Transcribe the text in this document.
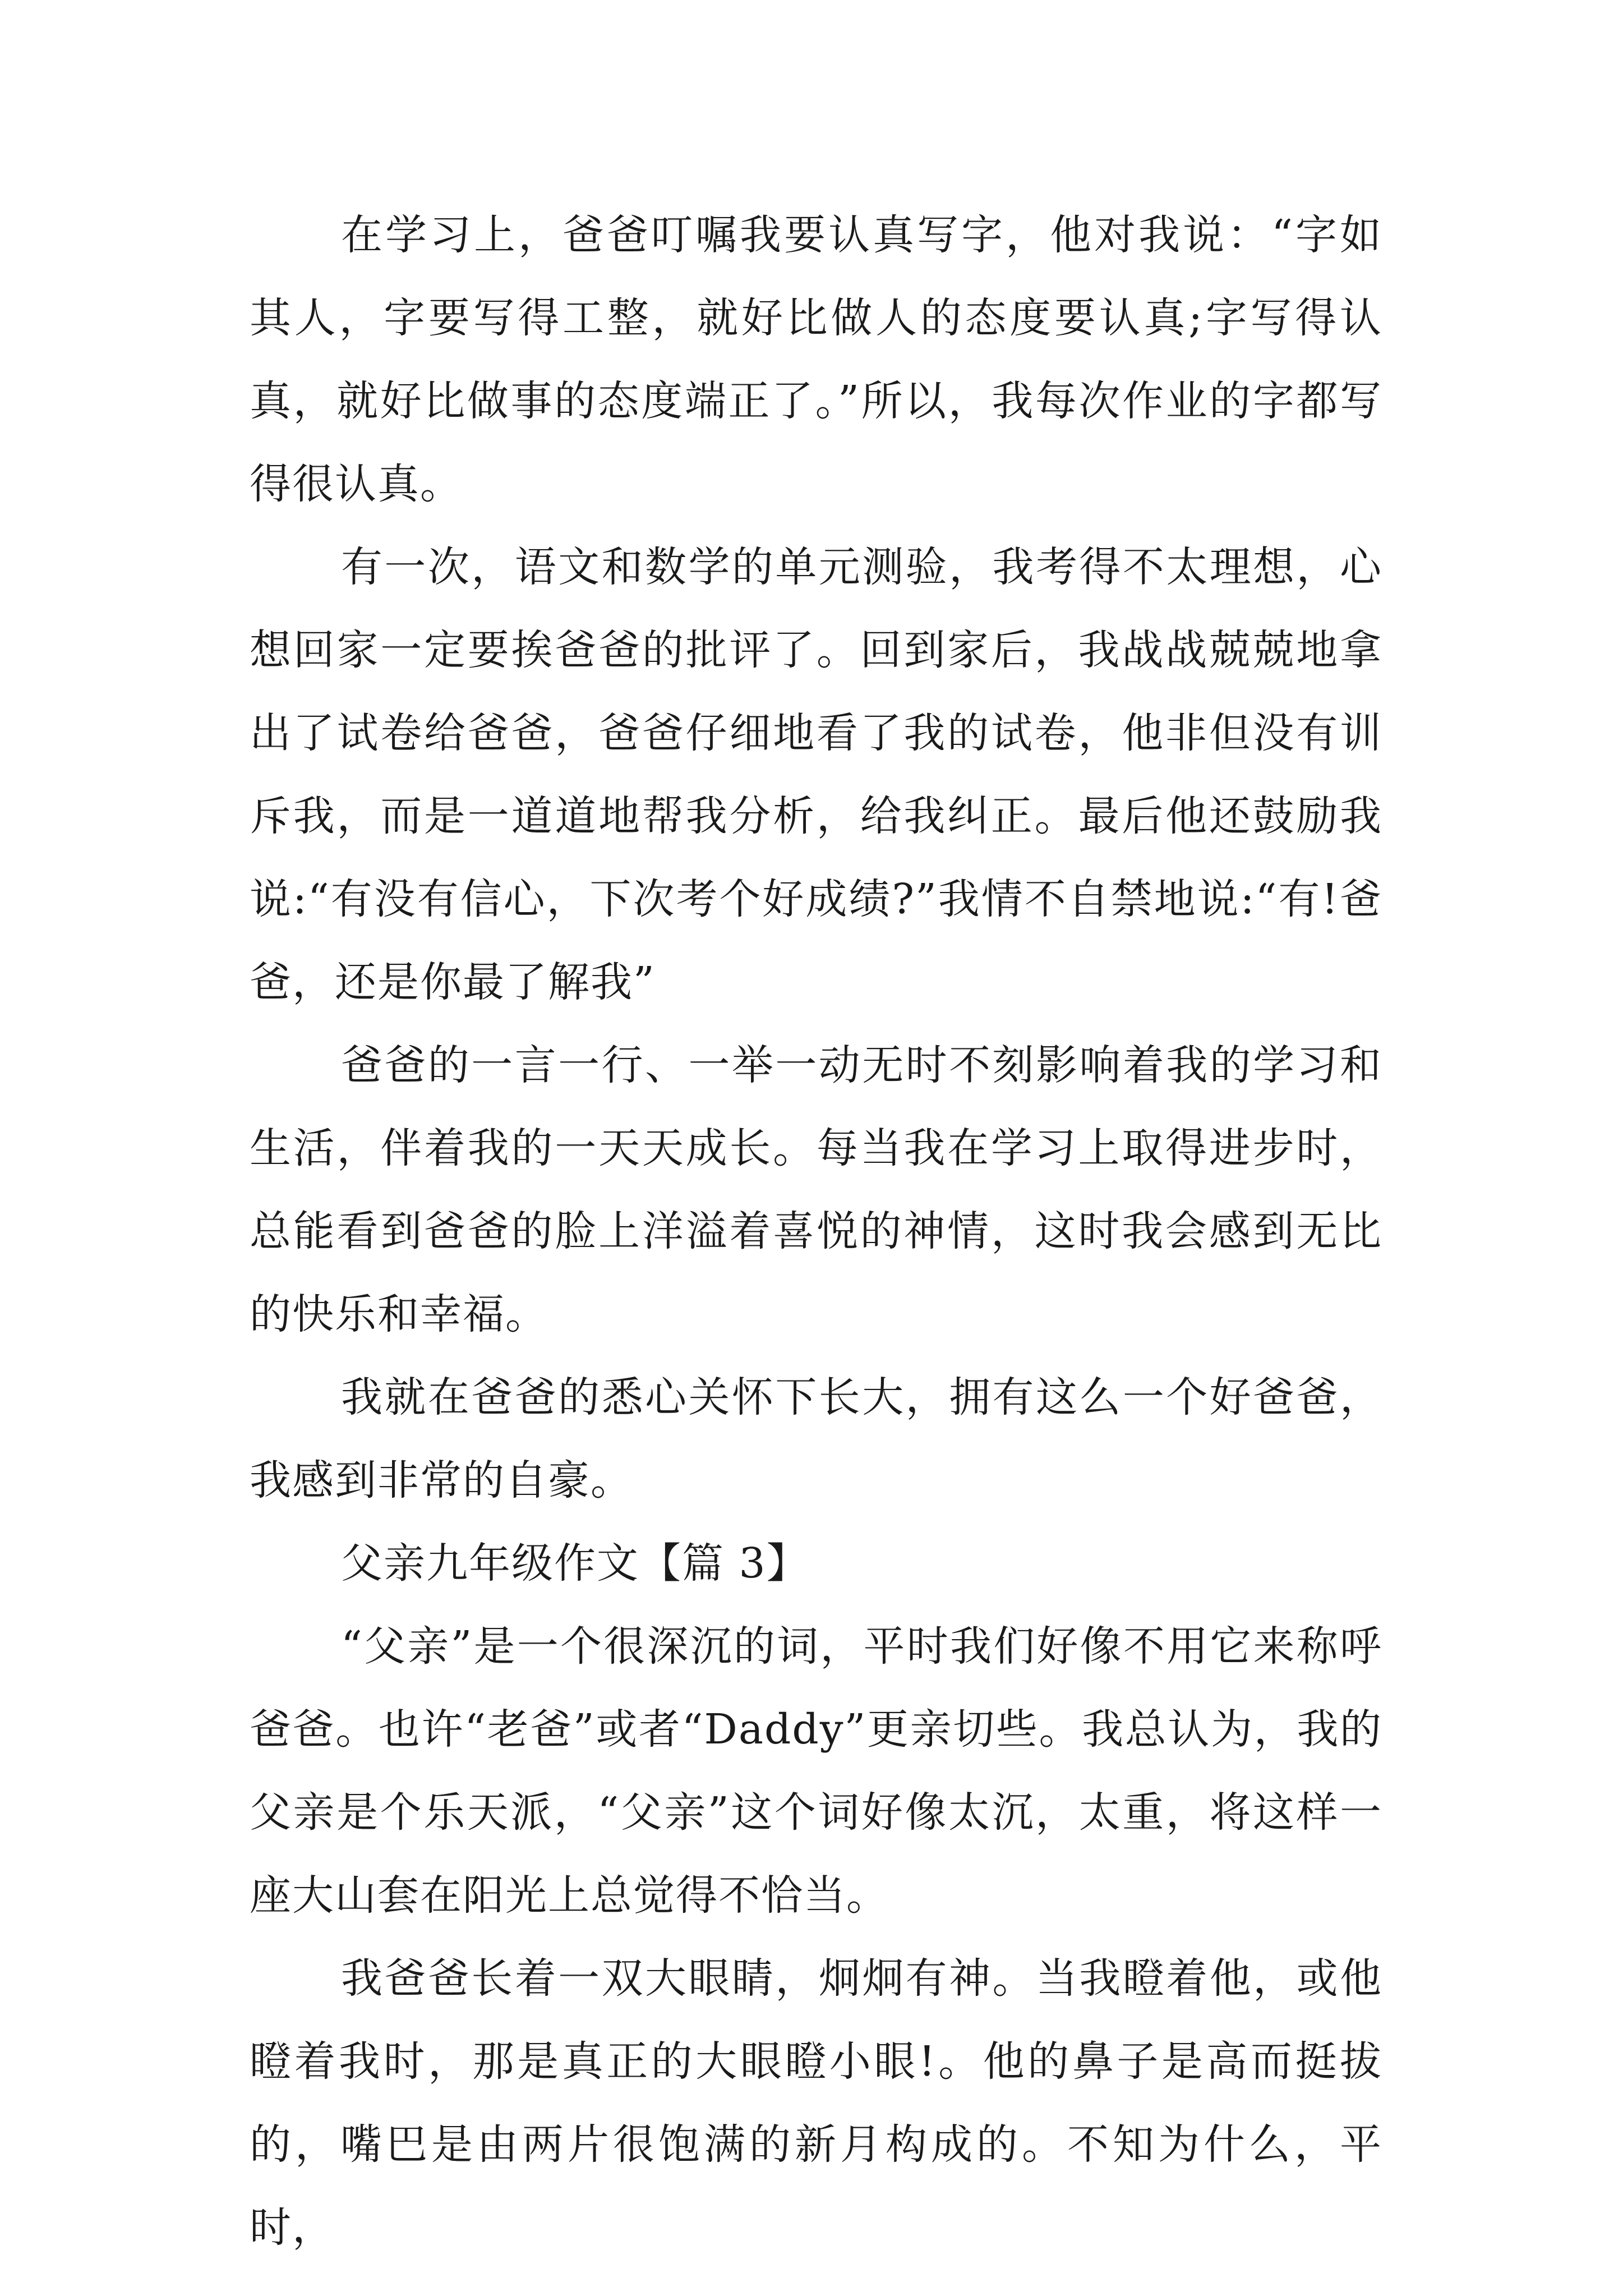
在学习上，爸爸叮嘱我要认真写字，他对我说：“字如其人，字要写得工整，就好比做人的态度要认真;字写得认真，就好比做事的态度端正了。”所以，我每次作业的字都写得很认真。

有一次，语文和数学的单元测验，我考得不太理想，心想回家一定要挨爸爸的批评了。回到家后，我战战兢兢地拿出了试卷给爸爸，爸爸仔细地看了我的试卷，他非但没有训斥我，而是一道道地帮我分析，给我纠正。最后他还鼓励我说:“有没有信心，下次考个好成绩?”我情不自禁地说:“有!爸爸，还是你最了解我”

爸爸的一言一行、一举一动无时不刻影响着我的学习和生活，伴着我的一天天成长。每当我在学习上取得进步时，总能看到爸爸的脸上洋溢着喜悦的神情，这时我会感到无比的快乐和幸福。

我就在爸爸的悉心关怀下长大，拥有这么一个好爸爸，我感到非常的自豪。

父亲九年级作文【篇 3】

“父亲”是一个很深沉的词，平时我们好像不用它来称呼爸爸。也许“老爸”或者“Daddy”更亲切些。我总认为，我的父亲是个乐天派，“父亲”这个词好像太沉，太重，将这样一座大山套在阳光上总觉得不恰当。

我爸爸长着一双大眼睛，炯炯有神。当我瞪着他，或他瞪着我时，那是真正的大眼瞪小眼!。他的鼻子是高而挺拔的，嘴巴是由两片很饱满的新月构成的。不知为什么，平时，
